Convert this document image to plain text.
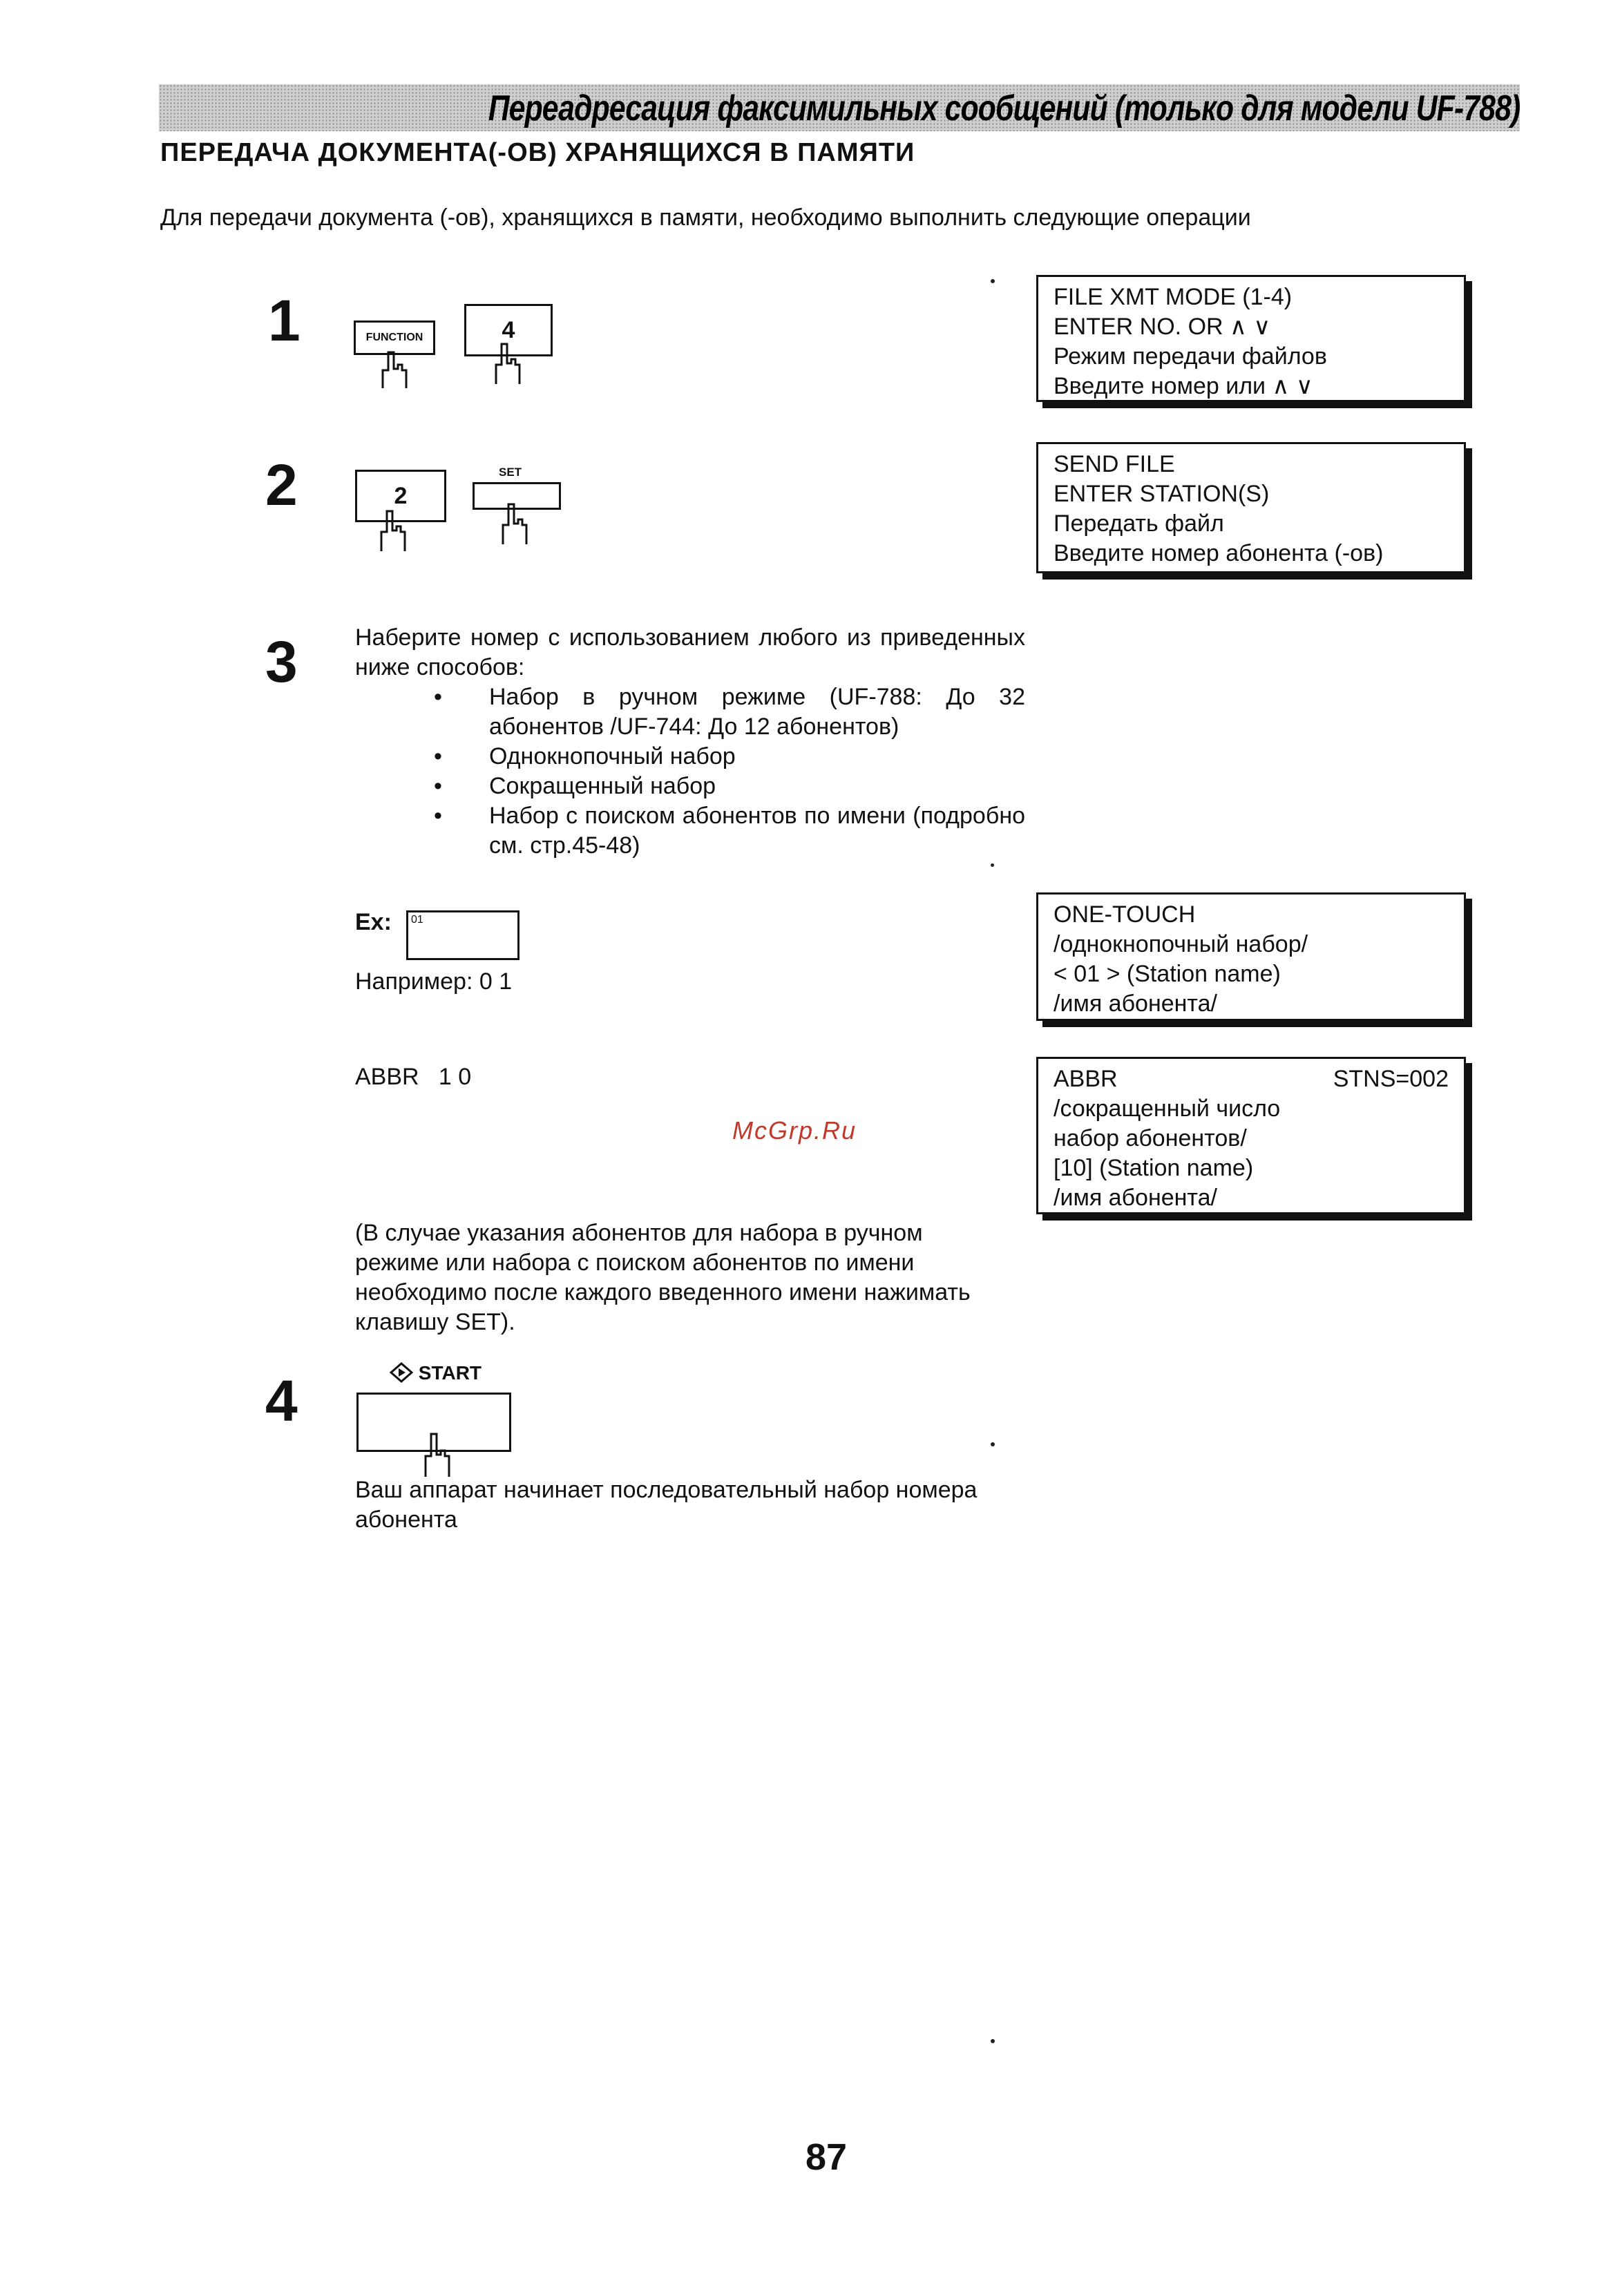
Переадресация факсимильных сообщений (только для модели UF-788)
ПЕРЕДАЧА ДОКУМЕНТА(-ОВ) ХРАНЯЩИХСЯ В ПАМЯТИ
Для передачи документа (-ов), хранящихся в памяти, необходимо выполнить следующие операции
1	FUNCTION	4
FILE XMT MODE (1-4)
ENTER NO. OR ∧ ∨
Режим передачи файлов
Введите номер или ∧ ∨
2	2
SET	SEND FILE
ENTER STATION(S)
Передать файл
Введите номер абонента (-ов)
3 Наберите номер с использованием любого из приведенных ниже способов:
• Набор в ручном режиме (UF-788: До 32 абонентов /UF-744: До 12 абонентов)
• Однокнопочный набор
• Сокращенный набор
• Набор с поиском абонентов по имени (подробно см. стр.45-48)
Ex: 01
Например: 0 1
ONE-TOUCH
/однокнопочный набор/
< 01 > (Station name)
/имя абонента/
ABBR   1 0	ABBR	STNS=002
/сокращенный число
набор абонентов/
[10] (Station name)
/имя абонента/
McGrp.Ru
(В случае указания абонентов для набора в ручном режиме или набора с поиском абонентов по имени необходимо после каждого введенного имени нажимать клавишу SET).
4	START
Ваш аппарат начинает последовательный набор номера абонента
87
